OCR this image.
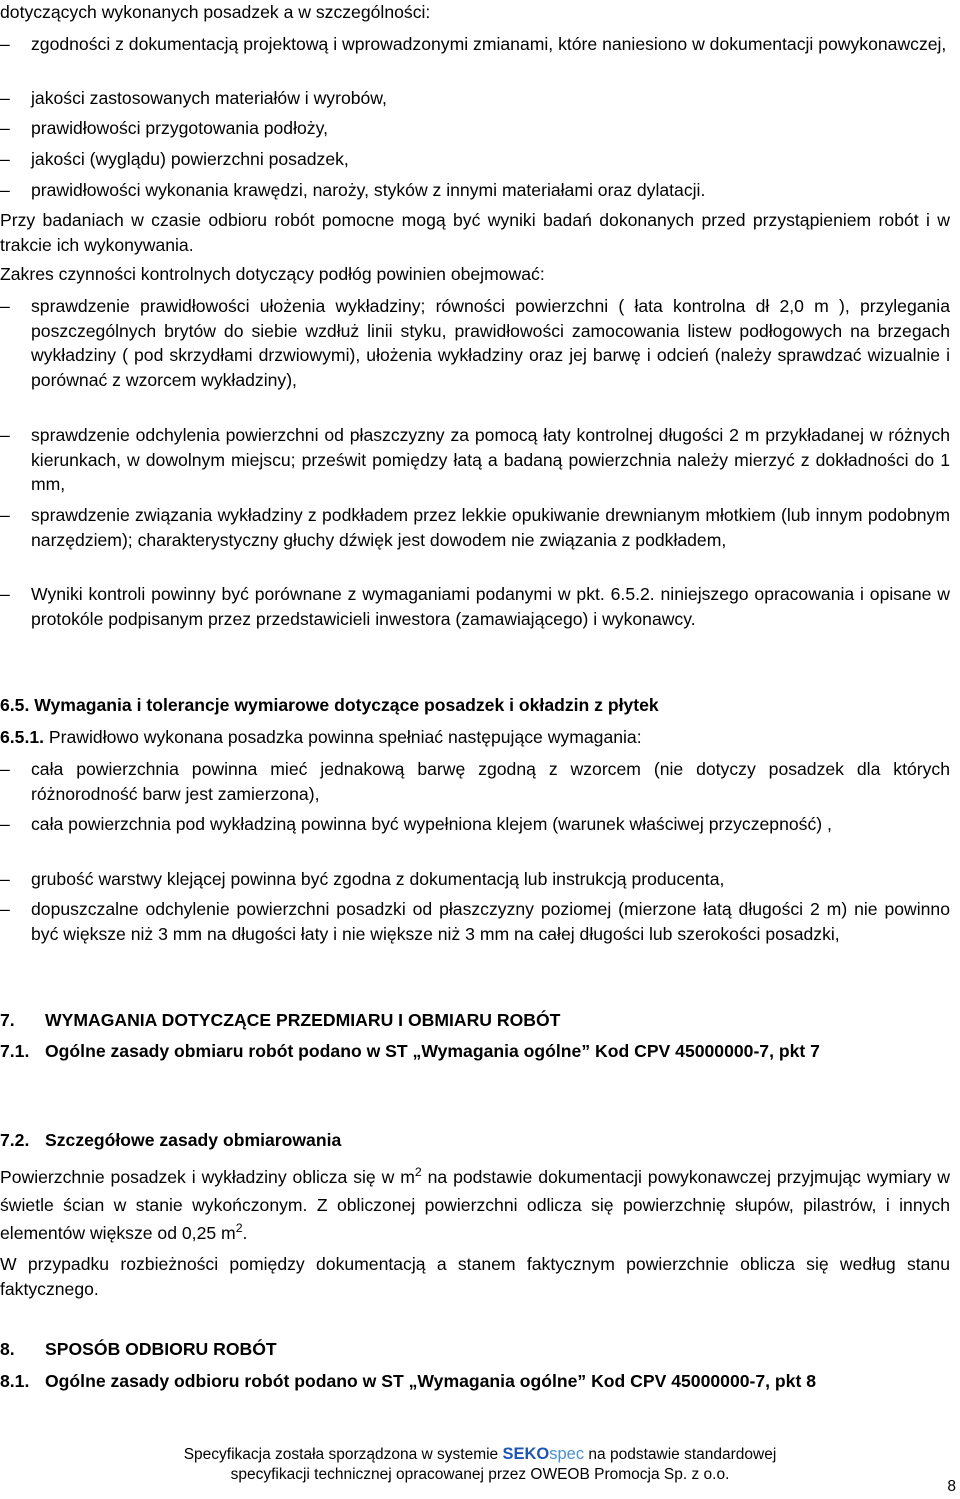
dotyczących wykonanych posadzek a w szczególności:

–	zgodności z dokumentacją projektową i wprowadzonymi zmianami, które naniesiono w dokumentacji powykonawczej,
–	jakości zastosowanych materiałów i wyrobów,
–	prawidłowości przygotowania podłoży,
–	jakości (wyglądu) powierzchni posadzek,
–	prawidłowości wykonania krawędzi, naroży, styków z innymi materiałami oraz dylatacji.

Przy badaniach w czasie odbioru robót pomocne mogą być wyniki badań dokonanych przed przystąpieniem robót i w trakcie ich wykonywania.

Zakres czynności kontrolnych dotyczący podłóg powinien obejmować:

–	sprawdzenie prawidłowości ułożenia wykładziny; równości powierzchni ( łata kontrolna dł 2,0 m ), przylegania poszczególnych brytów do siebie wzdłuż linii styku, prawidłowości zamocowania listew podłogowych na brzegach wykładziny ( pod skrzydłami drzwiowymi), ułożenia wykładziny oraz jej barwę i odcień (należy sprawdzać wizualnie i porównać z wzorcem wykładziny),
–	sprawdzenie odchylenia powierzchni od płaszczyzny za pomocą łaty kontrolnej długości 2 m przykładanej w różnych kierunkach, w dowolnym miejscu; prześwit pomiędzy łatą a badaną powierzchnia należy mierzyć z dokładności do 1 mm,
–	sprawdzenie związania wykładziny z podkładem przez lekkie opukiwanie drewnianym młotkiem (lub innym podobnym narzędziem); charakterystyczny głuchy dźwięk jest dowodem nie związania z podkładem,
–	Wyniki kontroli powinny być porównane z wymaganiami podanymi w pkt. 6.5.2. niniejszego opracowania i opisane w protokóle podpisanym przez przedstawicieli inwestora (zamawiającego) i wykonawcy.

6.5. Wymagania i tolerancje wymiarowe dotyczące posadzek i okładzin z płytek

6.5.1. Prawidłowo wykonana posadzka powinna spełniać następujące wymagania:

–	cała powierzchnia powinna mieć jednakową barwę zgodną z wzorcem (nie dotyczy posadzek dla których różnorodność barw jest zamierzona),
–	cała powierzchnia pod wykładziną powinna być wypełniona klejem (warunek właściwej przyczepność) ,
–	grubość warstwy klejącej powinna być zgodna z dokumentacją lub instrukcją producenta,
–	dopuszczalne odchylenie powierzchni posadzki od płaszczyzny poziomej (mierzone łatą długości 2 m) nie powinno być większe niż 3 mm na długości łaty i nie większe niż 3 mm na całej długości lub szerokości posadzki,
7. WYMAGANIA DOTYCZĄCE PRZEDMIARU I OBMIARU ROBÓT
7.1. Ogólne zasady obmiaru robót podano w ST „Wymagania ogólne” Kod CPV 45000000-7, pkt 7
7.2. Szczegółowe zasady obmiarowania

Powierzchnie posadzek i wykładziny oblicza się w $m^2$ na podstawie dokumentacji powykonawczej przyjmując wymiary w świetle ścian w stanie wykończonym. Z obliczonej powierzchni odlicza się powierzchnię słupów, pilastrów, i innych elementów większe od 0,25 $m^2$.

W przypadku rozbieżności pomiędzy dokumentacją a stanem faktycznym powierzchnie oblicza się według stanu faktycznego.

8. SPOSÓB ODBIORU ROBÓT
8.1. Ogólne zasady odbioru robót podano w ST „Wymagania ogólne” Kod CPV 45000000-7, pkt 8
Specyfikacja została sporządzona w systemie SEKOspec na podstawie standardowej
specyfikacji technicznej opracowanej przez OWEOB Promocja Sp. z o.o.
8
